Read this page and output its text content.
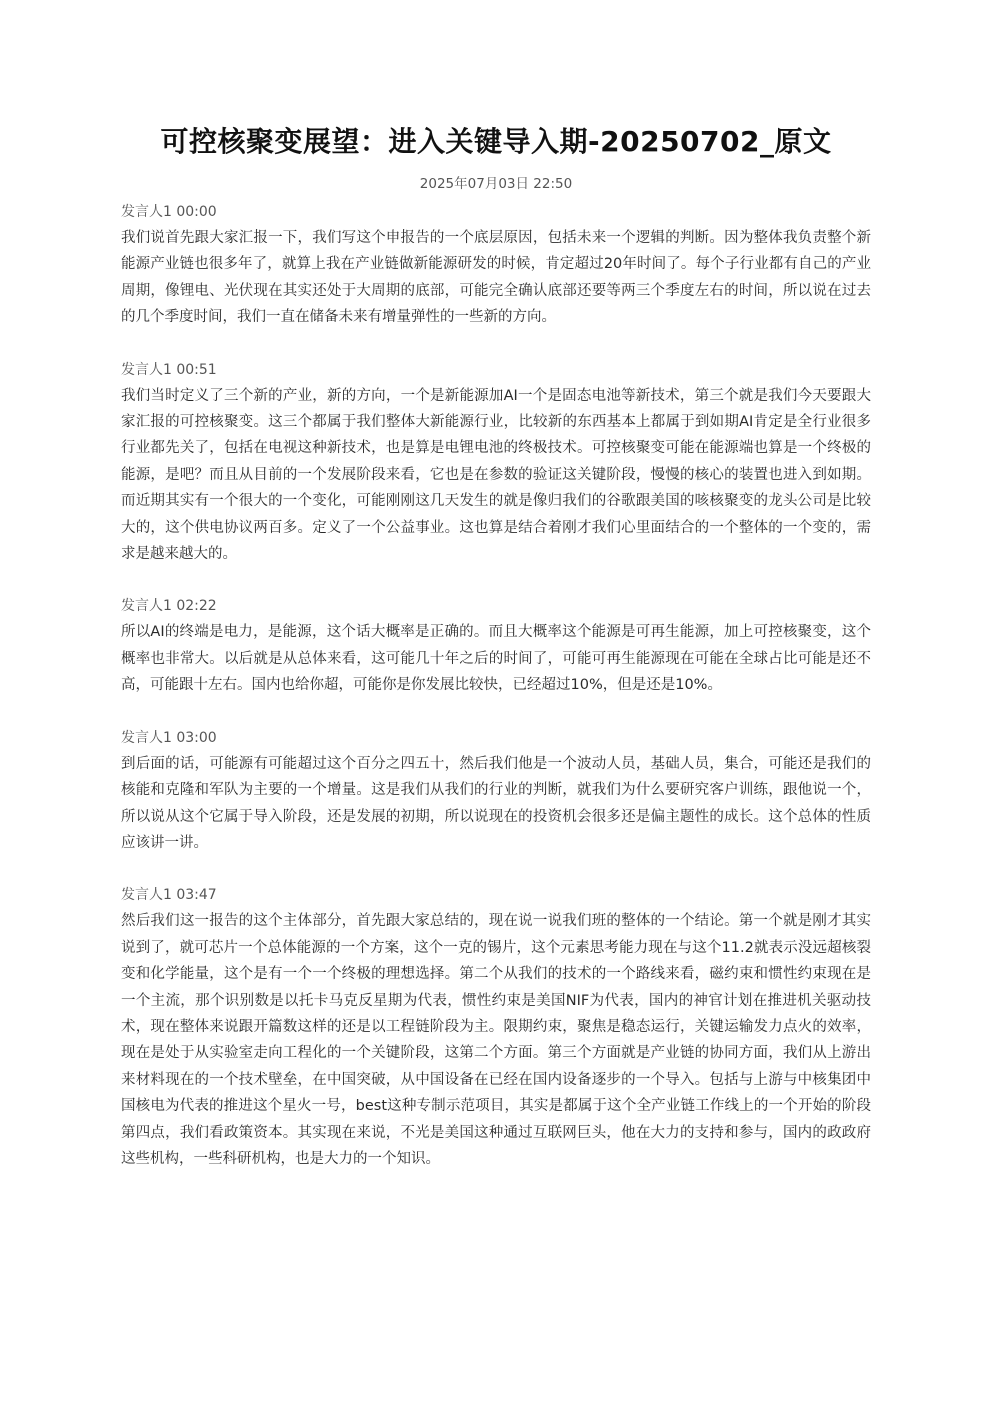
可控核聚变展望：进入关键导入期-20250702_原文
2025年07月03日 22:50
发言人1 00:00

我们说首先跟大家汇报一下，我们写这个申报告的一个底层原因，包括未来一个逻辑的判断。因为整体我负责整个新能源产业链也很多年了，就算上我在产业链做新能源研发的时候，肯定超过20年时间了。每个子行业都有自己的产业周期，像锂电、光伏现在其实还处于大周期的底部，可能完全确认底部还要等两三个季度左右的时间，所以说在过去的几个季度时间，我们一直在储备未来有增量弹性的一些新的方向。

发言人1 00:51

我们当时定义了三个新的产业，新的方向，一个是新能源加AI一个是固态电池等新技术，第三个就是我们今天要跟大家汇报的可控核聚变。这三个都属于我们整体大新能源行业，比较新的东西基本上都属于到如期AI肯定是全行业很多行业都先关了，包括在电视这种新技术，也是算是电锂电池的终极技术。可控核聚变可能在能源端也算是一个终极的能源，是吧？而且从目前的一个发展阶段来看，它也是在参数的验证这关键阶段，慢慢的核心的装置也进入到如期。而近期其实有一个很大的一个变化，可能刚刚这几天发生的就是像归我们的谷歌跟美国的咳核聚变的龙头公司是比较大的，这个供电协议两百多。定义了一个公益事业。这也算是结合着刚才我们心里面结合的一个整体的一个变的，需求是越来越大的。

发言人1 02:22

所以AI的终端是电力，是能源，这个话大概率是正确的。而且大概率这个能源是可再生能源，加上可控核聚变，这个概率也非常大。以后就是从总体来看，这可能几十年之后的时间了，可能可再生能源现在可能在全球占比可能是还不高，可能跟十左右。国内也给你超，可能你是你发展比较快，已经超过10%，但是还是10%。

发言人1 03:00

到后面的话，可能源有可能超过这个百分之四五十，然后我们他是一个波动人员，基础人员，集合，可能还是我们的核能和克隆和军队为主要的一个增量。这是我们从我们的行业的判断，就我们为什么要研究客户训练，跟他说一个，所以说从这个它属于导入阶段，还是发展的初期，所以说现在的投资机会很多还是偏主题性的成长。这个总体的性质应该讲一讲。

发言人1 03:47

然后我们这一报告的这个主体部分，首先跟大家总结的，现在说一说我们班的整体的一个结论。第一个就是刚才其实说到了，就可芯片一个总体能源的一个方案，这个一克的锡片，这个元素思考能力现在与这个11.2就表示没远超核裂变和化学能量，这个是有一个一个终极的理想选择。第二个从我们的技术的一个路线来看，磁约束和惯性约束现在是一个主流，那个识别数是以托卡马克反星期为代表，惯性约束是美国NIF为代表，国内的神官计划在推进机关驱动技术，现在整体来说跟开篇数这样的还是以工程链阶段为主。限期约束，聚焦是稳态运行，关键运输发力点火的效率，现在是处于从实验室走向工程化的一个关键阶段，这第二个方面。第三个方面就是产业链的协同方面，我们从上游出来材料现在的一个技术壁垒，在中国突破，从中国设备在已经在国内设备逐步的一个导入。包括与上游与中核集团中国核电为代表的推进这个星火一号，best这种专制示范项目，其实是都属于这个全产业链工作线上的一个开始的阶段第四点，我们看政策资本。其实现在来说，不光是美国这种通过互联网巨头，他在大力的支持和参与，国内的政政府这些机构，一些科研机构，也是大力的一个知识。
